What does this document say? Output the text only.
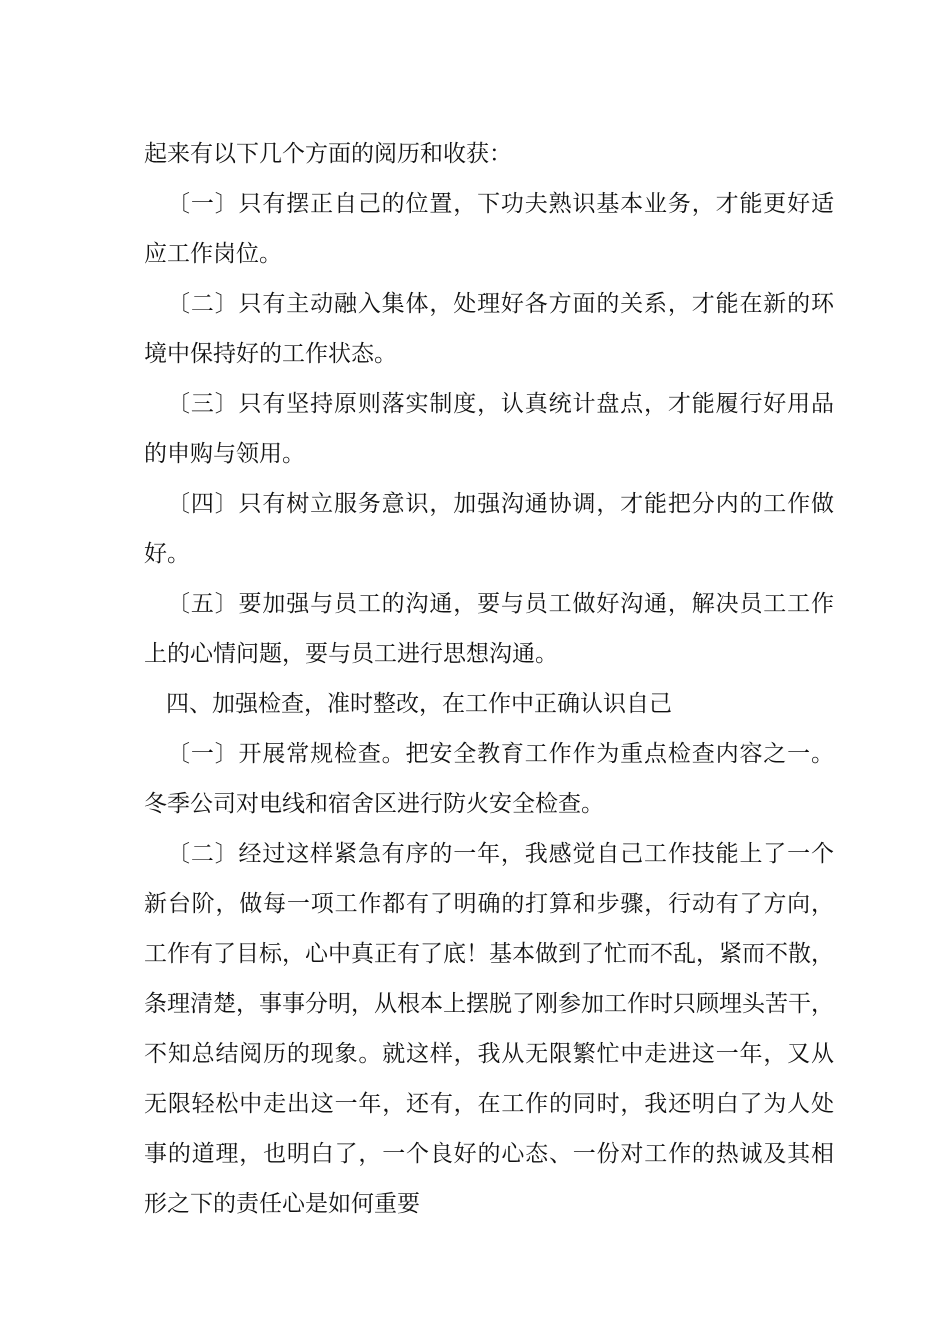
起来有以下几个方面的阅历和收获：
〔一〕只有摆正自己的位置，下功夫熟识基本业务，才能更好适
应工作岗位。
〔二〕只有主动融入集体，处理好各方面的关系，才能在新的环
境中保持好的工作状态。
〔三〕只有坚持原则落实制度，认真统计盘点，才能履行好用品
的申购与领用。
〔四〕只有树立服务意识，加强沟通协调，才能把分内的工作做
好。
〔五〕要加强与员工的沟通，要与员工做好沟通，解决员工工作
上的心情问题，要与员工进行思想沟通。
四、加强检查，准时整改，在工作中正确认识自己
〔一〕开展常规检查。把安全教育工作作为重点检查内容之一。
冬季公司对电线和宿舍区进行防火安全检查。
〔二〕经过这样紧急有序的一年，我感觉自己工作技能上了一个
新台阶，做每一项工作都有了明确的打算和步骤，行动有了方向，
工作有了目标，心中真正有了底！基本做到了忙而不乱，紧而不散，
条理清楚，事事分明，从根本上摆脱了刚参加工作时只顾埋头苦干，
不知总结阅历的现象。就这样，我从无限繁忙中走进这一年，又从
无限轻松中走出这一年，还有，在工作的同时，我还明白了为人处
事的道理，也明白了，一个良好的心态、一份对工作的热诚及其相
形之下的责任心是如何重要
